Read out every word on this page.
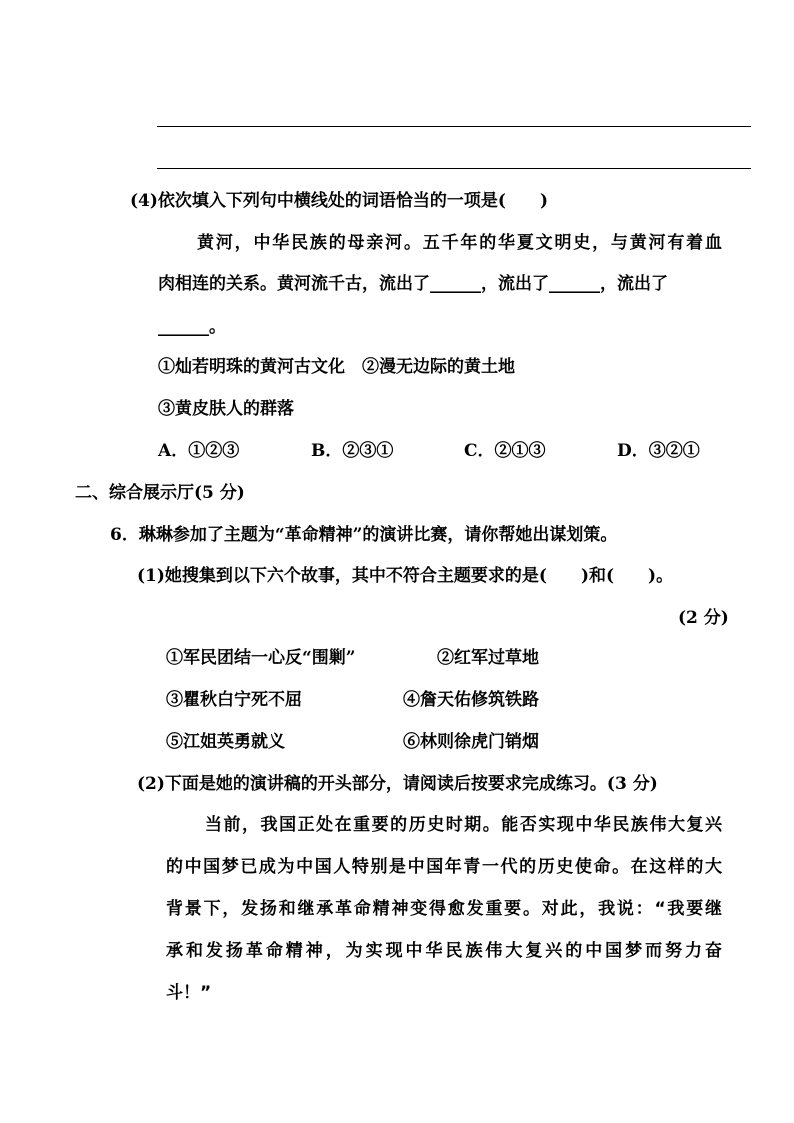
(4)依次填入下列句中横线处的词语恰当的一项是(　　)
黄河，中华民族的母亲河。五千年的华夏文明史，与黄河有着血
肉相连的关系。黄河流千古，流出了______，流出了______，流出了
______。
①灿若明珠的黄河古文化　②漫无边际的黄土地
③黄皮肤人的群落
A．①②③	B．②③①	C．②①③	D．③②①
二、综合展示厅(5 分)
6．琳琳参加了主题为“革命精神”的演讲比赛，请你帮她出谋划策。
(1)她搜集到以下六个故事，其中不符合主题要求的是(　　)和(　　)。
(2 分)
①军民团结一心反“围剿”	②红军过草地
③瞿秋白宁死不屈	④詹天佑修筑铁路
⑤江姐英勇就义	⑥林则徐虎门销烟
(2)下面是她的演讲稿的开头部分，请阅读后按要求完成练习。(3 分)
当前，我国正处在重要的历史时期。能否实现中华民族伟大复兴
的中国梦已成为中国人特别是中国年青一代的历史使命。在这样的大
背景下，发扬和继承革命精神变得愈发重要。对此，我说：“我要继
承和发扬革命精神，为实现中华民族伟大复兴的中国梦而努力奋
斗！”
